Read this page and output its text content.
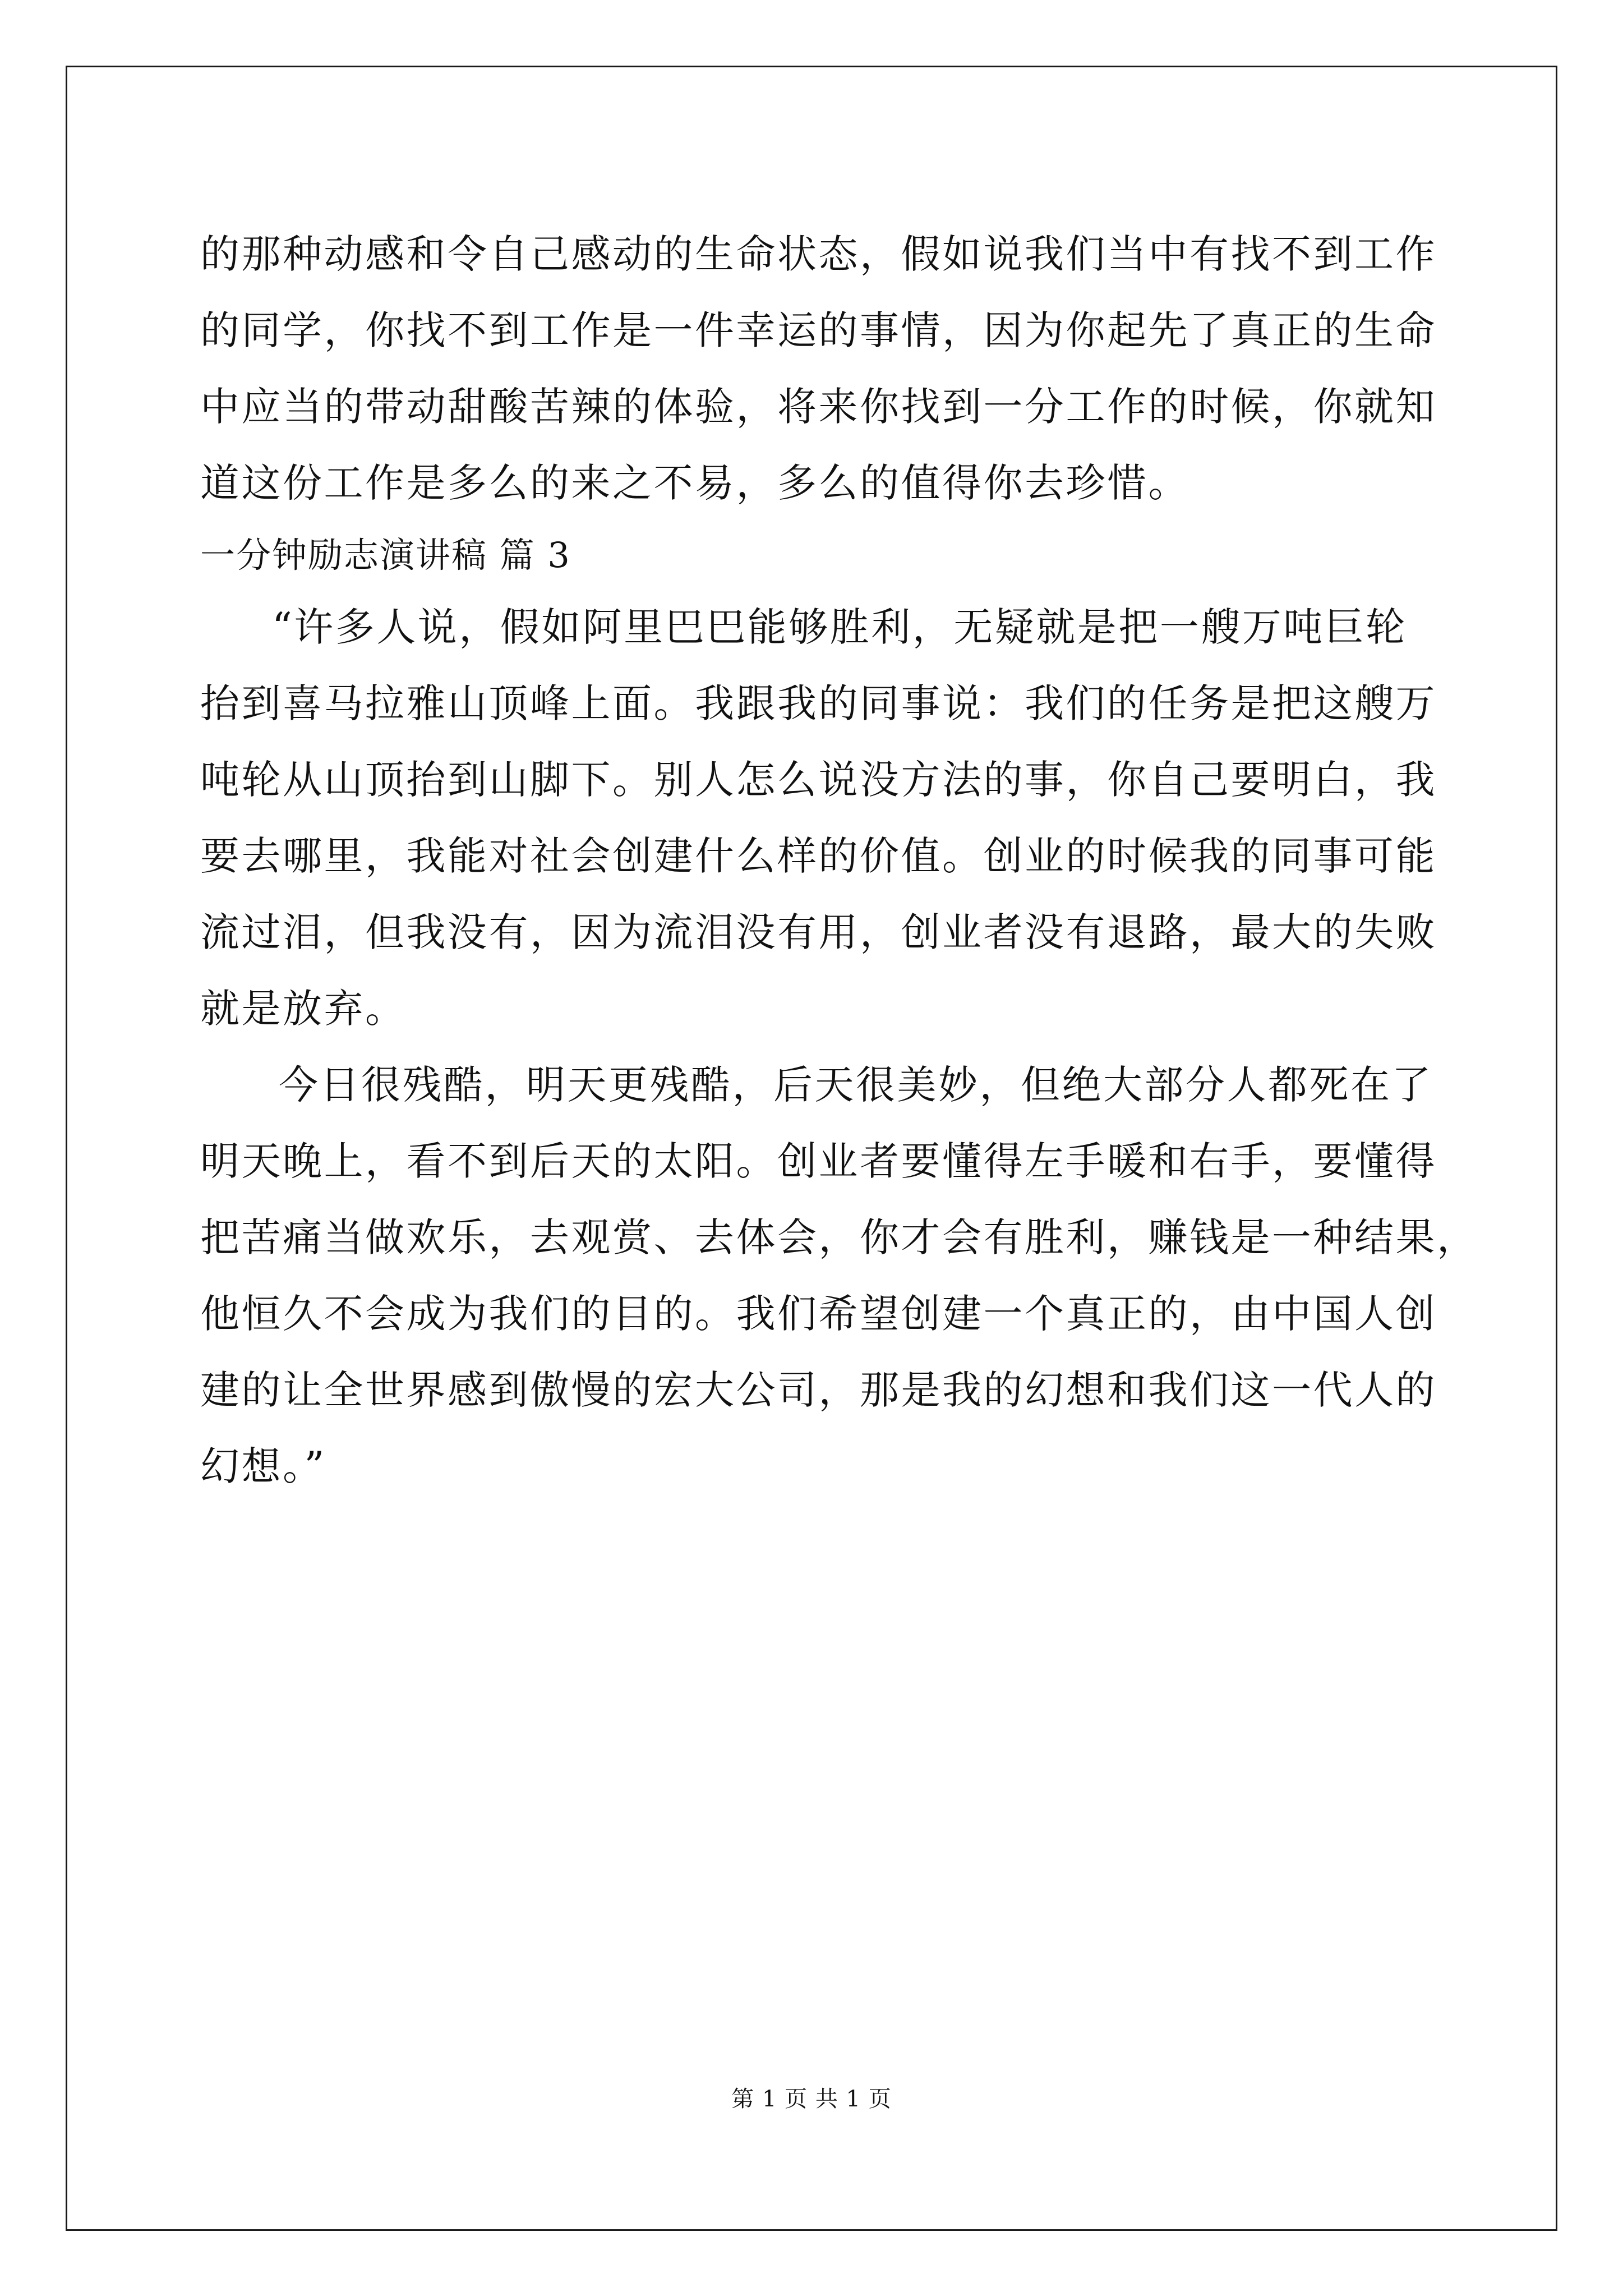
的那种动感和令自己感动的生命状态，假如说我们当中有找不到工作
的同学，你找不到工作是一件幸运的事情，因为你起先了真正的生命
中应当的带动甜酸苦辣的体验，将来你找到一分工作的时候，你就知
道这份工作是多么的来之不易，多么的值得你去珍惜。
一分钟励志演讲稿 篇 3
“许多人说，假如阿里巴巴能够胜利，无疑就是把一艘万吨巨轮
抬到喜马拉雅山顶峰上面。我跟我的同事说：我们的任务是把这艘万
吨轮从山顶抬到山脚下。别人怎么说没方法的事，你自己要明白，我
要去哪里，我能对社会创建什么样的价值。创业的时候我的同事可能
流过泪，但我没有，因为流泪没有用，创业者没有退路，最大的失败
就是放弃。
今日很残酷，明天更残酷，后天很美妙，但绝大部分人都死在了
明天晚上，看不到后天的太阳。创业者要懂得左手暖和右手，要懂得
把苦痛当做欢乐，去观赏、去体会，你才会有胜利，赚钱是一种结果，
他恒久不会成为我们的目的。我们希望创建一个真正的，由中国人创
建的让全世界感到傲慢的宏大公司，那是我的幻想和我们这一代人的
幻想。”
第 1 页 共 1 页
